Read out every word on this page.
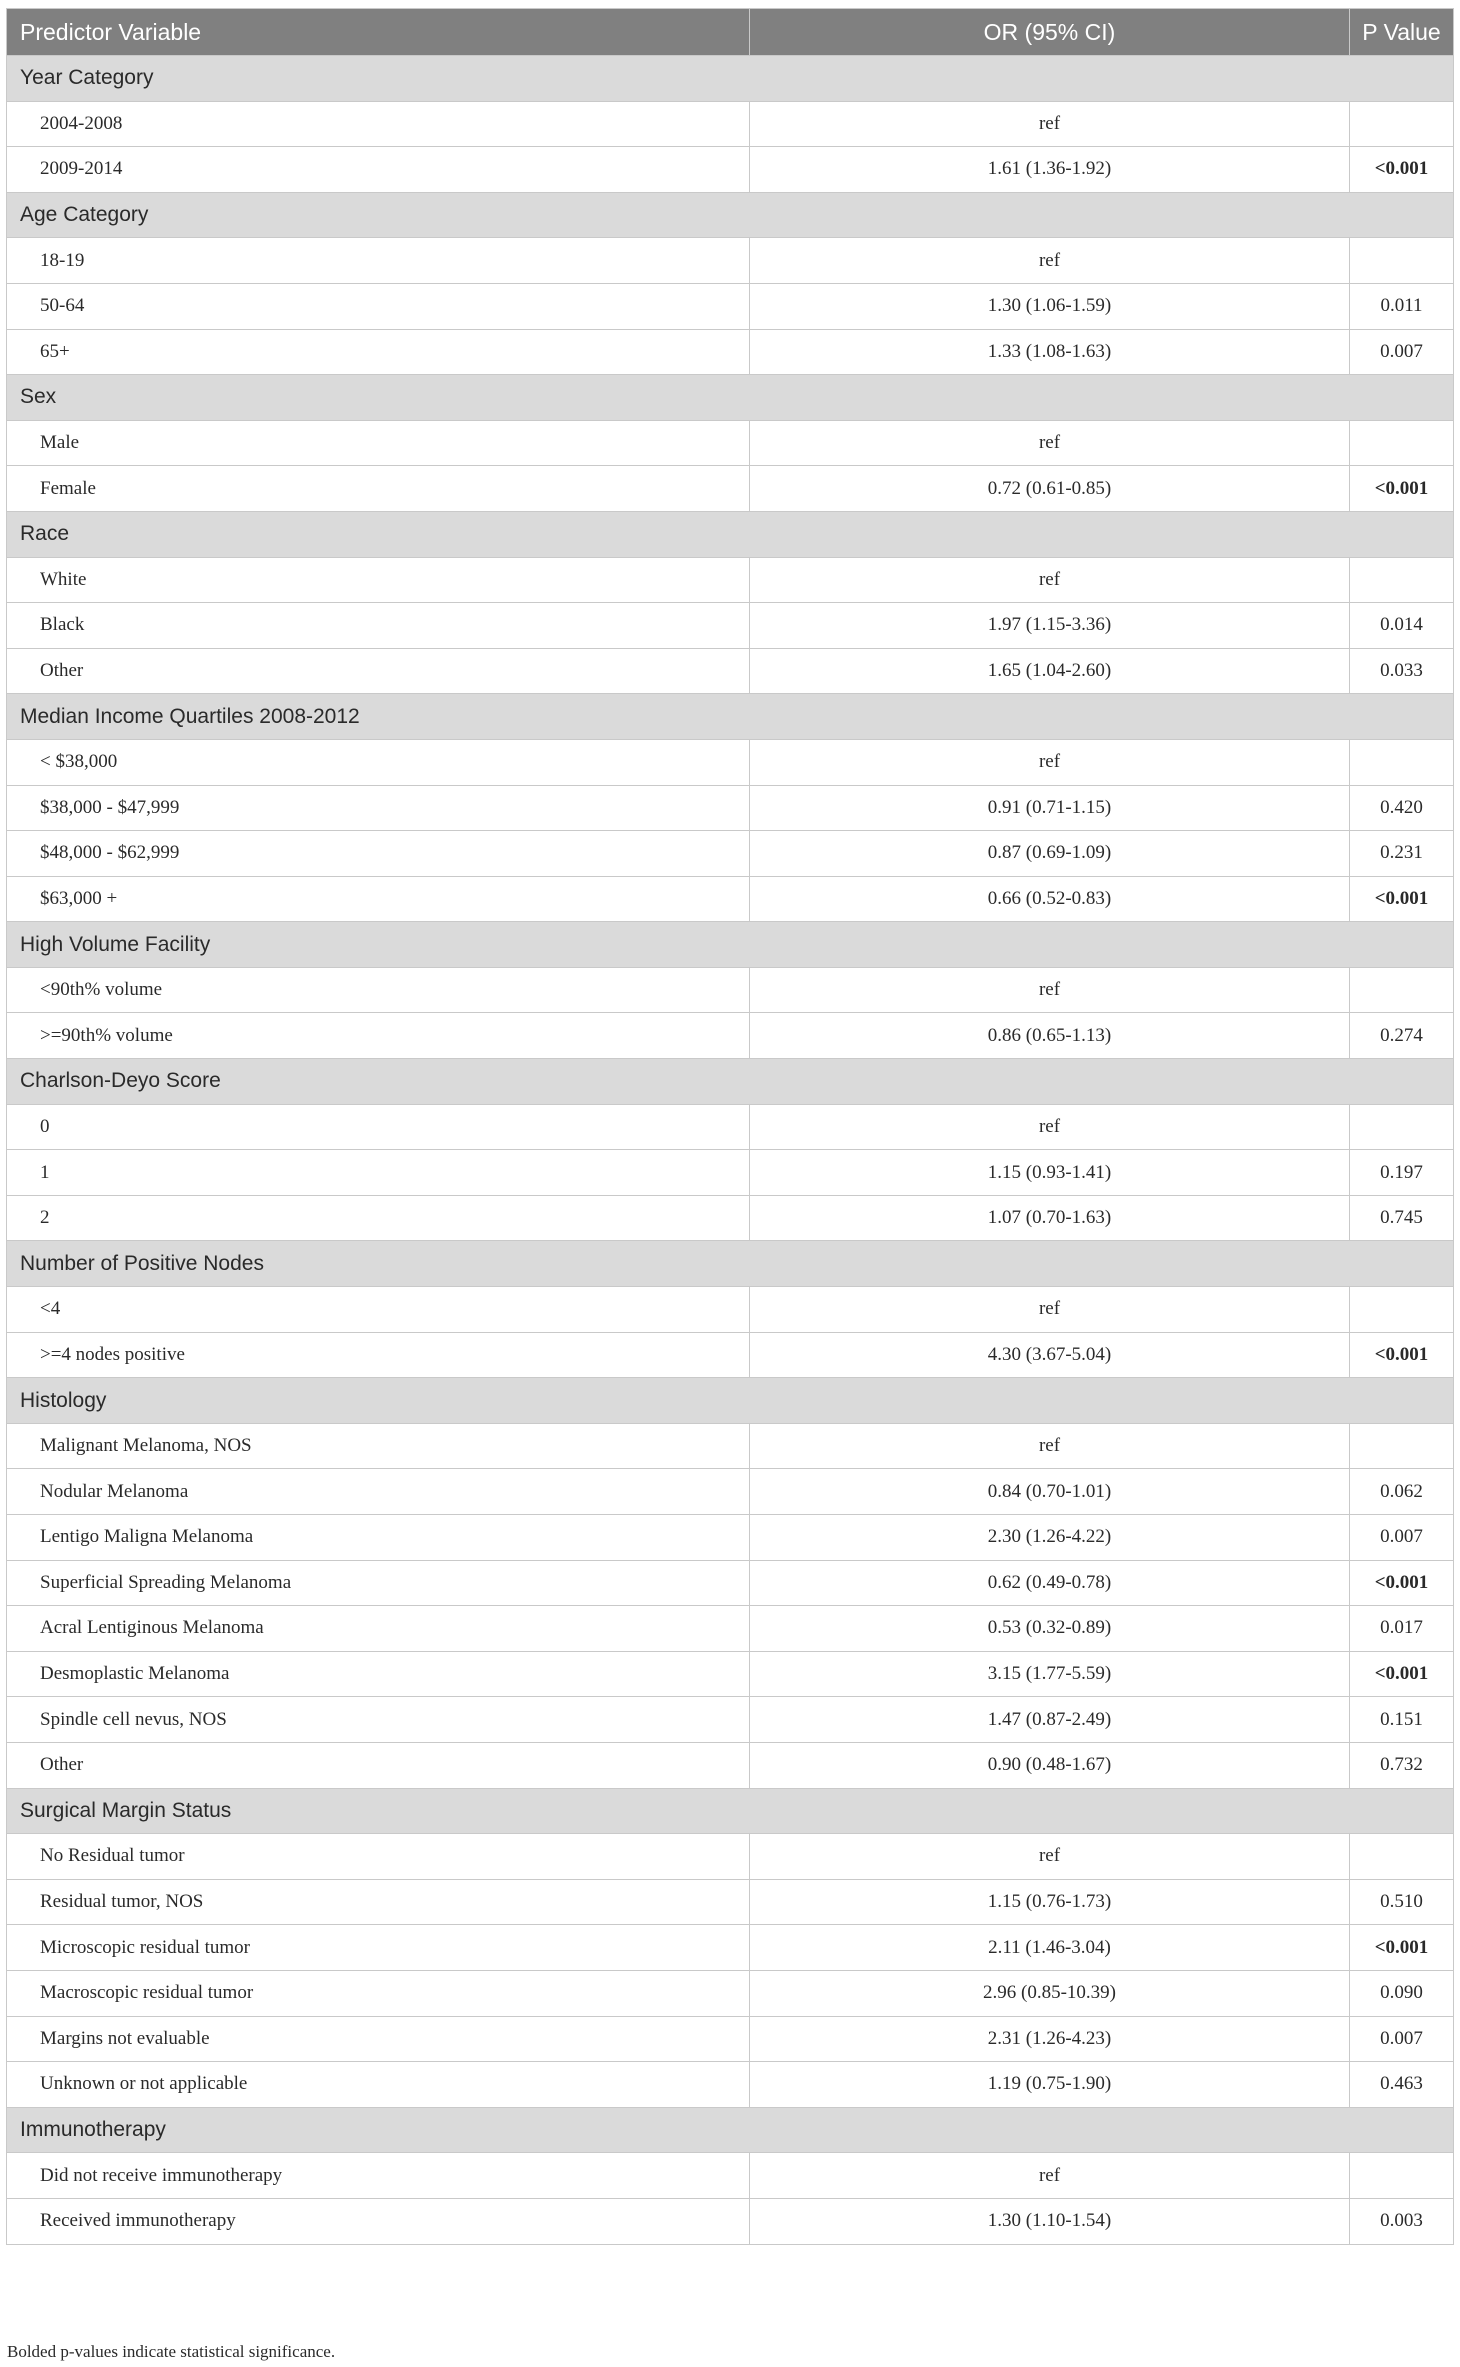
Predictor Variable	OR (95% CI)	P Value
Year Category		
2004-2008	ref	
2009-2014	1.61 (1.36-1.92)	<0.001
Age Category		
18-19	ref	
50-64	1.30 (1.06-1.59)	0.011
65+	1.33 (1.08-1.63)	0.007
Sex		
Male	ref	
Female	0.72 (0.61-0.85)	<0.001
Race		
White	ref	
Black	1.97 (1.15-3.36)	0.014
Other	1.65 (1.04-2.60)	0.033
Median Income Quartiles 2008-2012		
< $38,000	ref	
$38,000 - $47,999	0.91 (0.71-1.15)	0.420
$48,000 - $62,999	0.87 (0.69-1.09)	0.231
$63,000 +	0.66 (0.52-0.83)	<0.001
High Volume Facility		
<90th% volume	ref	
>=90th% volume	0.86 (0.65-1.13)	0.274
Charlson-Deyo Score		
0	ref	
1	1.15 (0.93-1.41)	0.197
2	1.07 (0.70-1.63)	0.745
Number of Positive Nodes		
<4	ref	
>=4 nodes positive	4.30 (3.67-5.04)	<0.001
Histology		
Malignant Melanoma, NOS	ref	
Nodular Melanoma	0.84 (0.70-1.01)	0.062
Lentigo Maligna Melanoma	2.30 (1.26-4.22)	0.007
Superficial Spreading Melanoma	0.62 (0.49-0.78)	<0.001
Acral Lentiginous Melanoma	0.53 (0.32-0.89)	0.017
Desmoplastic Melanoma	3.15 (1.77-5.59)	<0.001
Spindle cell nevus, NOS	1.47 (0.87-2.49)	0.151
Other	0.90 (0.48-1.67)	0.732
Surgical Margin Status		
No Residual tumor	ref	
Residual tumor, NOS	1.15 (0.76-1.73)	0.510
Microscopic residual tumor	2.11 (1.46-3.04)	<0.001
Macroscopic residual tumor	2.96 (0.85-10.39)	0.090
Margins not evaluable	2.31 (1.26-4.23)	0.007
Unknown or not applicable	1.19 (0.75-1.90)	0.463
Immunotherapy		
Did not receive immunotherapy	ref	
Received immunotherapy	1.30 (1.10-1.54)	0.003
Bolded p-values indicate statistical significance.
